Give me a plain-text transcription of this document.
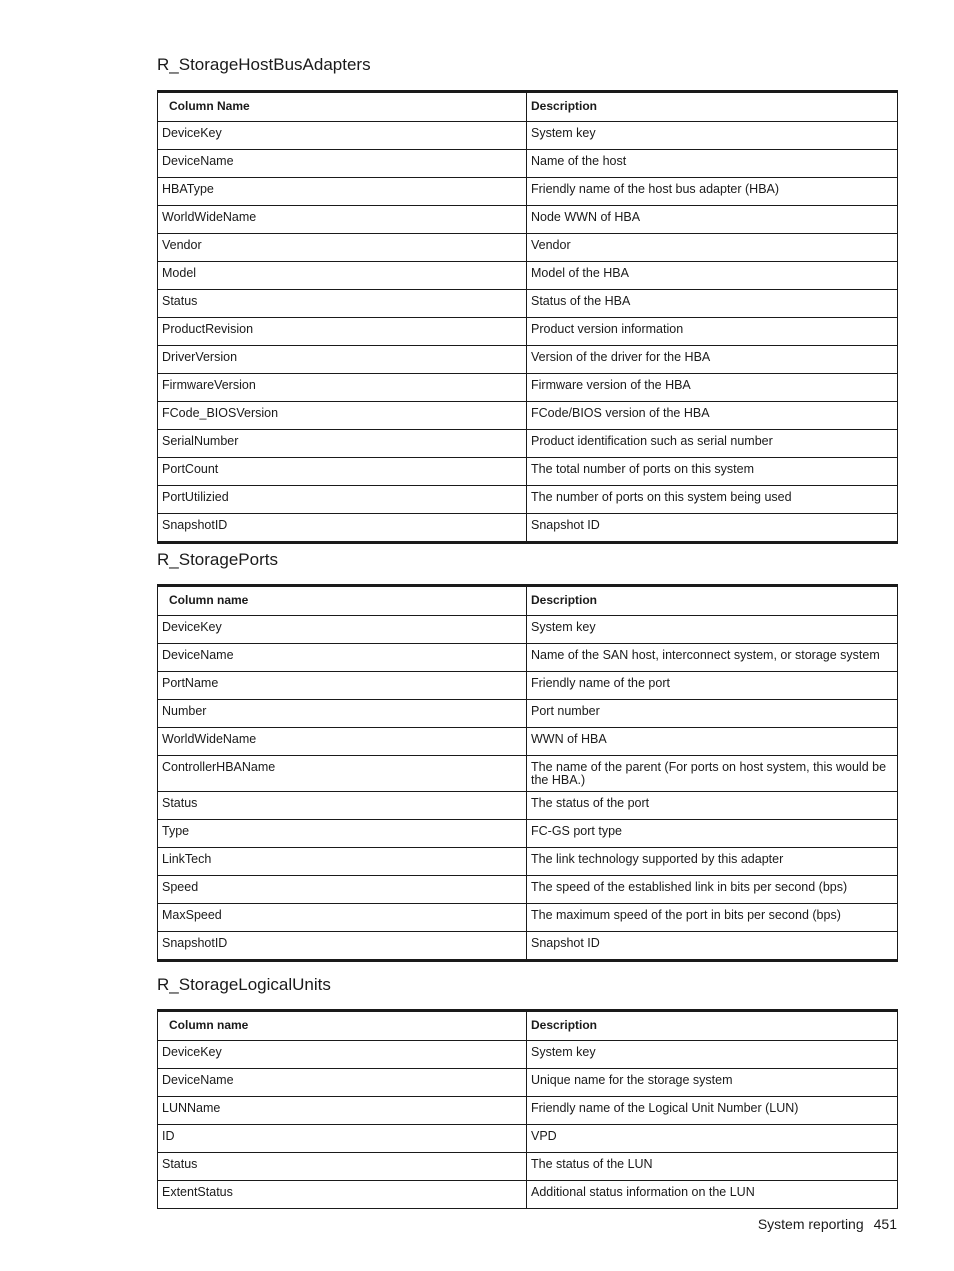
R_StorageHostBusAdapters
Column Name	Description
DeviceKey	System key
DeviceName	Name of the host
HBAType	Friendly name of the host bus adapter (HBA)
WorldWideName	Node WWN of HBA
Vendor	Vendor
Model	Model of the HBA
Status	Status of the HBA
ProductRevision	Product version information
DriverVersion	Version of the driver for the HBA
FirmwareVersion	Firmware version of the HBA
FCode_BIOSVersion	FCode/BIOS version of the HBA
SerialNumber	Product identification such as serial number
PortCount	The total number of ports on this system
PortUtilizied	The number of ports on this system being used
SnapshotID	Snapshot ID
R_StoragePorts
Column name	Description
DeviceKey	System key
DeviceName	Name of the SAN host, interconnect system, or storage system
PortName	Friendly name of the port
Number	Port number
WorldWideName	WWN of HBA
ControllerHBAName	The name of the parent (For ports on host system, this would be the HBA.)
Status	The status of the port
Type	FC-GS port type
LinkTech	The link technology supported by this adapter
Speed	The speed of the established link in bits per second (bps)
MaxSpeed	The maximum speed of the port in bits per second (bps)
SnapshotID	Snapshot ID
R_StorageLogicalUnits
Column name	Description
DeviceKey	System key
DeviceName	Unique name for the storage system
LUNName	Friendly name of the Logical Unit Number (LUN)
ID	VPD
Status	The status of the LUN
ExtentStatus	Additional status information on the LUN
System reporting 451
